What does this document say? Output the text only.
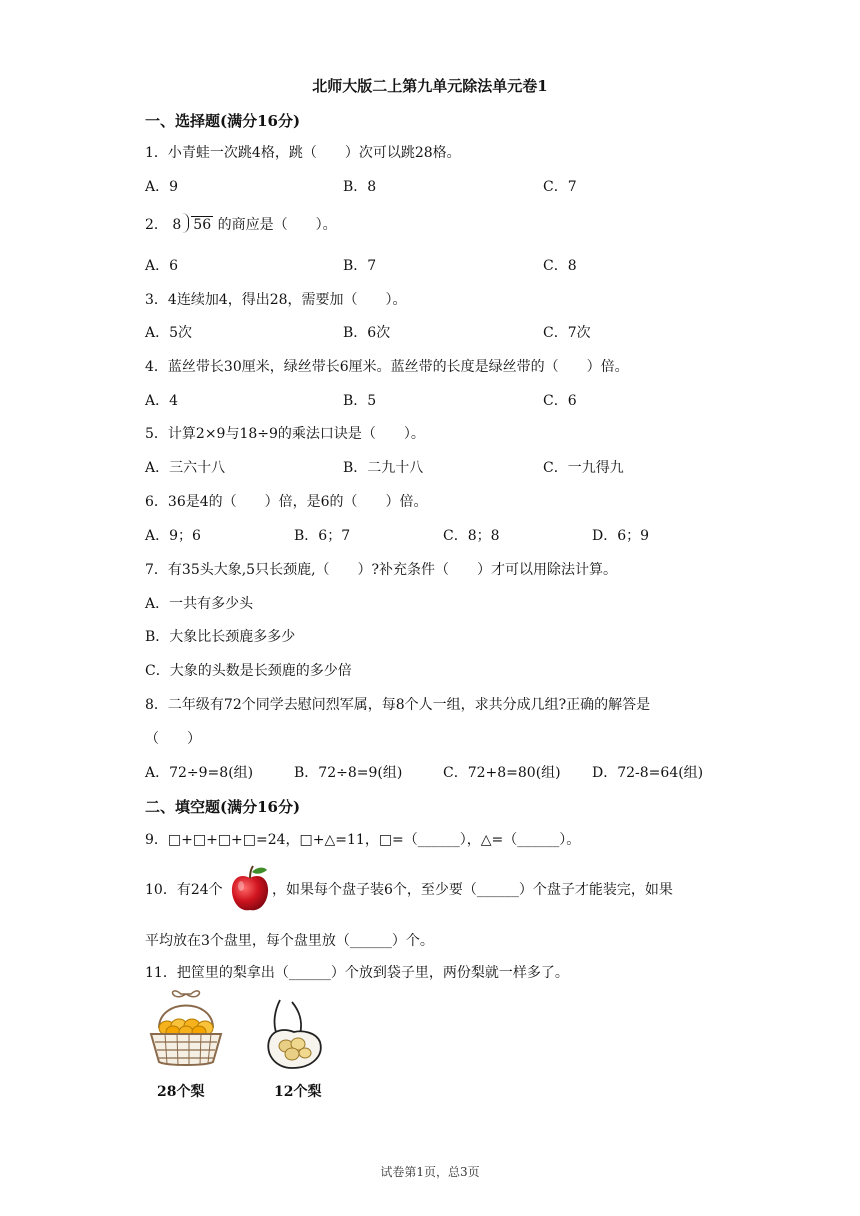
北师大版二上第九单元除法单元卷1
一、选择题(满分16分)
1．小青蛙一次跳4格，跳（　　）次可以跳28格。
A．9	B．8	C．7
2． 8 56 的商应是（　　）。
A．6	B．7	C．8
3．4连续加4，得出28，需要加（　　）。
A．5次	B．6次	C．7次
4．蓝丝带长30厘米，绿丝带长6厘米。蓝丝带的长度是绿丝带的（　　）倍。
A．4	B．5	C．6
5．计算2×9与18÷9的乘法口诀是（　　）。
A．三六十八	B．二九十八	C．一九得九
6．36是4的（　　）倍，是6的（　　）倍。
A．9；6	B．6；7	C．8；8	D．6；9
7．有35头大象,5只长颈鹿,（　　）?补充条件（　　）才可以用除法计算。
A．一共有多少头
B．大象比长颈鹿多多少
C．大象的头数是长颈鹿的多少倍
8．二年级有72个同学去慰问烈军属，每8个人一组，求共分成几组?正确的解答是
（　　）
A．72÷9=8(组)	B．72÷8=9(组)	C．72+8=80(组) D．72-8=64(组)
二、填空题(满分16分)
9．□+□+□+□=24，□+△=11，□=（______），△=（______）。
10．有24个	，如果每个盘子装6个，至少要（______）个盘子才能装完，如果
平均放在3个盘里，每个盘里放（______）个。
11．把筐里的梨拿出（______）个放到袋子里，两份梨就一样多了。
28个梨	12个梨
试卷第1页，总3页
